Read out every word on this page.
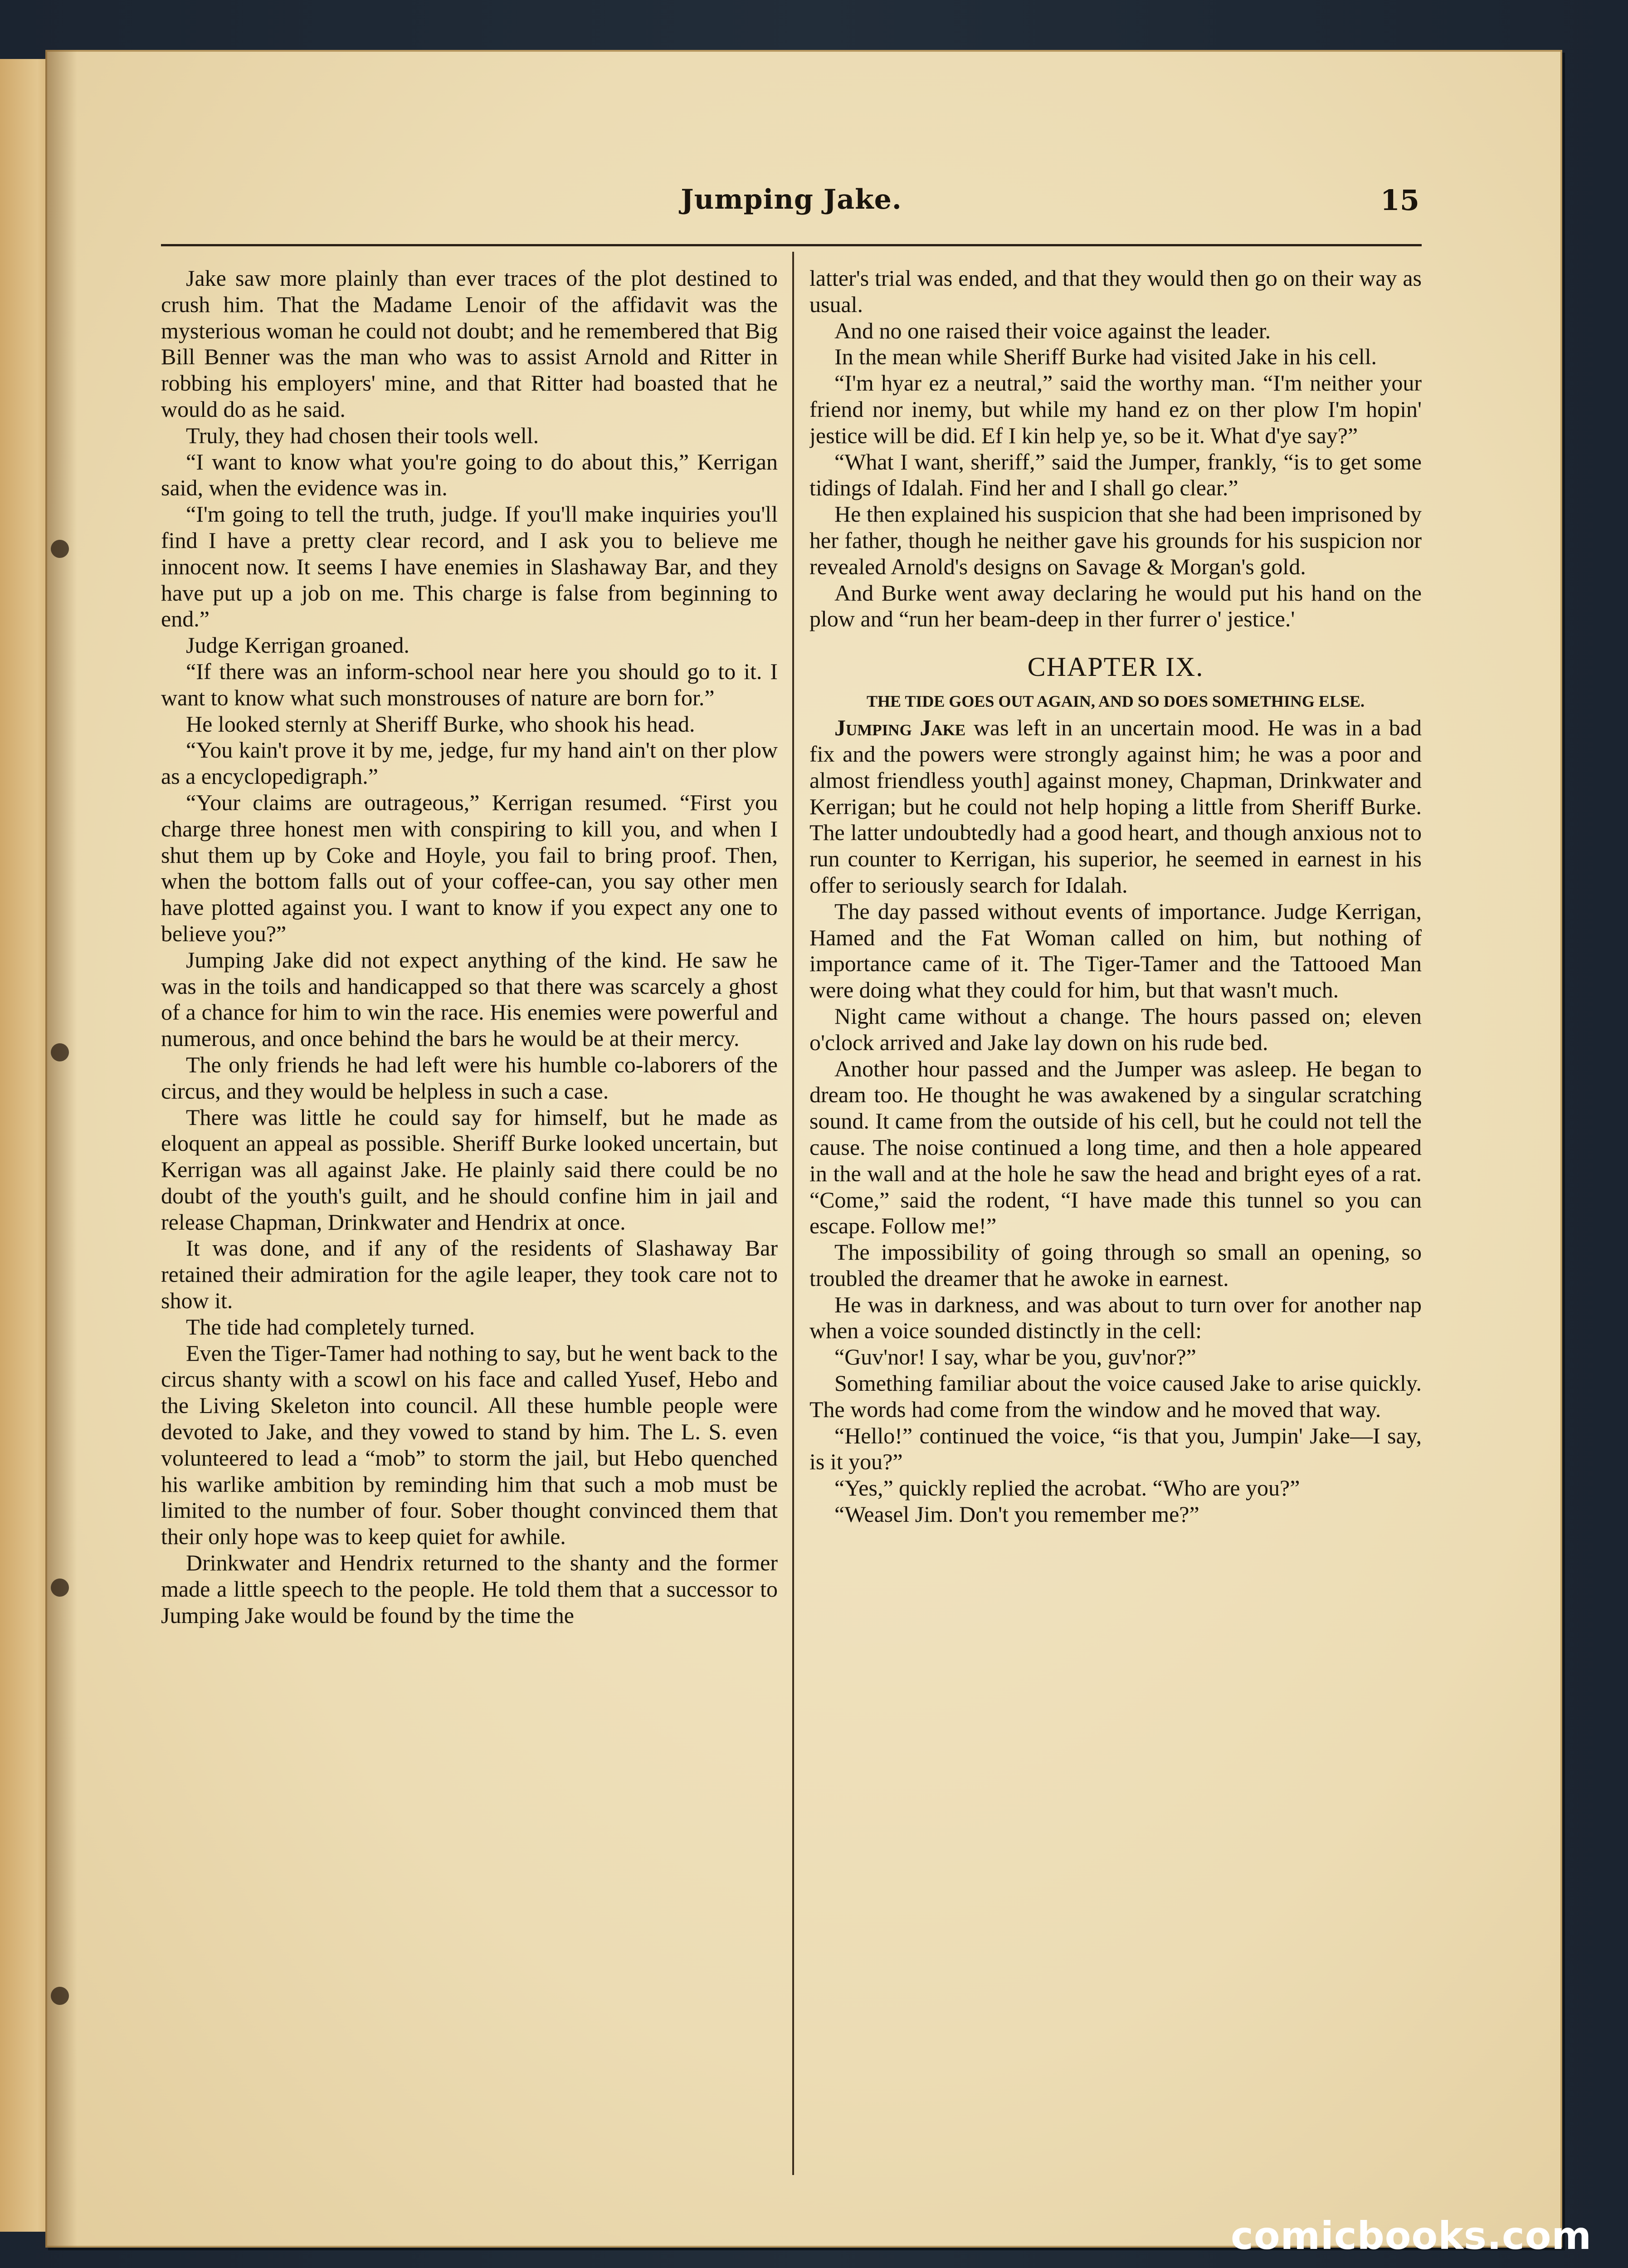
Jumping Jake.	15

Jake saw more plainly than ever traces of the plot destined to crush him. That the Madame Lenoir of the affidavit was the mysterious woman he could not doubt; and he remembered that Big Bill Benner was the man who was to assist Arnold and Ritter in robbing his employers' mine, and that Ritter had boasted that he would do as he said.

Truly, they had chosen their tools well.

“I want to know what you're going to do about this,” Kerrigan said, when the evidence was in.

“I'm going to tell the truth, judge. If you'll make inquiries you'll find I have a pretty clear record, and I ask you to believe me innocent now. It seems I have enemies in Slashaway Bar, and they have put up a job on me. This charge is false from beginning to end.”

Judge Kerrigan groaned.

“If there was an inform-school near here you should go to it. I want to know what such monstrouses of nature are born for.”

He looked sternly at Sheriff Burke, who shook his head.

“You kain't prove it by me, jedge, fur my hand ain't on ther plow as a encyclopedigraph.”

“Your claims are outrageous,” Kerrigan resumed. “First you charge three honest men with conspiring to kill you, and when I shut them up by Coke and Hoyle, you fail to bring proof. Then, when the bottom falls out of your coffee-can, you say other men have plotted against you. I want to know if you expect any one to believe you?”

Jumping Jake did not expect anything of the kind. He saw he was in the toils and handicapped so that there was scarcely a ghost of a chance for him to win the race. His enemies were powerful and numerous, and once behind the bars he would be at their mercy.

The only friends he had left were his humble co-laborers of the circus, and they would be helpless in such a case.

There was little he could say for himself, but he made as eloquent an appeal as possible. Sheriff Burke looked uncertain, but Kerrigan was all against Jake. He plainly said there could be no doubt of the youth's guilt, and he should confine him in jail and release Chapman, Drinkwater and Hendrix at once.

It was done, and if any of the residents of Slashaway Bar retained their admiration for the agile leaper, they took care not to show it.

The tide had completely turned.

Even the Tiger-Tamer had nothing to say, but he went back to the circus shanty with a scowl on his face and called Yusef, Hebo and the Living Skeleton into council. All these humble people were devoted to Jake, and they vowed to stand by him. The L. S. even volunteered to lead a “mob” to storm the jail, but Hebo quenched his warlike ambition by reminding him that such a mob must be limited to the number of four. Sober thought convinced them that their only hope was to keep quiet for awhile.

Drinkwater and Hendrix returned to the shanty and the former made a little speech to the people. He told them that a successor to Jumping Jake would be found by the time the

latter's trial was ended, and that they would then go on their way as usual.

And no one raised their voice against the leader.

In the mean while Sheriff Burke had visited Jake in his cell.

“I'm hyar ez a neutral,” said the worthy man. “I'm neither your friend nor inemy, but while my hand ez on ther plow I'm hopin' jestice will be did. Ef I kin help ye, so be it. What d'ye say?”

“What I want, sheriff,” said the Jumper, frankly, “is to get some tidings of Idalah. Find her and I shall go clear.”

He then explained his suspicion that she had been imprisoned by her father, though he neither gave his grounds for his suspicion nor revealed Arnold's designs on Savage & Morgan's gold.

And Burke went away declaring he would put his hand on the plow and “run her beam-deep in ther furrer o' jestice.'

CHAPTER IX.
THE TIDE GOES OUT AGAIN, AND SO DOES SOMETHING ELSE.

Jumping Jake was left in an uncertain mood. He was in a bad fix and the powers were strongly against him; he was a poor and almost friendless youth] against money, Chapman, Drinkwater and Kerrigan; but he could not help hoping a little from Sheriff Burke. The latter undoubtedly had a good heart, and though anxious not to run counter to Kerrigan, his superior, he seemed in earnest in his offer to seriously search for Idalah.

The day passed without events of importance. Judge Kerrigan, Hamed and the Fat Woman called on him, but nothing of importance came of it. The Tiger-Tamer and the Tattooed Man were doing what they could for him, but that wasn't much.

Night came without a change. The hours passed on; eleven o'clock arrived and Jake lay down on his rude bed.

Another hour passed and the Jumper was asleep. He began to dream too. He thought he was awakened by a singular scratching sound. It came from the outside of his cell, but he could not tell the cause. The noise continued a long time, and then a hole appeared in the wall and at the hole he saw the head and bright eyes of a rat. “Come,” said the rodent, “I have made this tunnel so you can escape. Follow me!”

The impossibility of going through so small an opening, so troubled the dreamer that he awoke in earnest.

He was in darkness, and was about to turn over for another nap when a voice sounded distinctly in the cell:

“Guv'nor! I say, whar be you, guv'nor?”

Something familiar about the voice caused Jake to arise quickly. The words had come from the window and he moved that way.

“Hello!” continued the voice, “is that you, Jumpin' Jake—I say, is it you?”

“Yes,” quickly replied the acrobat. “Who are you?”

“Weasel Jim. Don't you remember me?”

comicbooks.com
